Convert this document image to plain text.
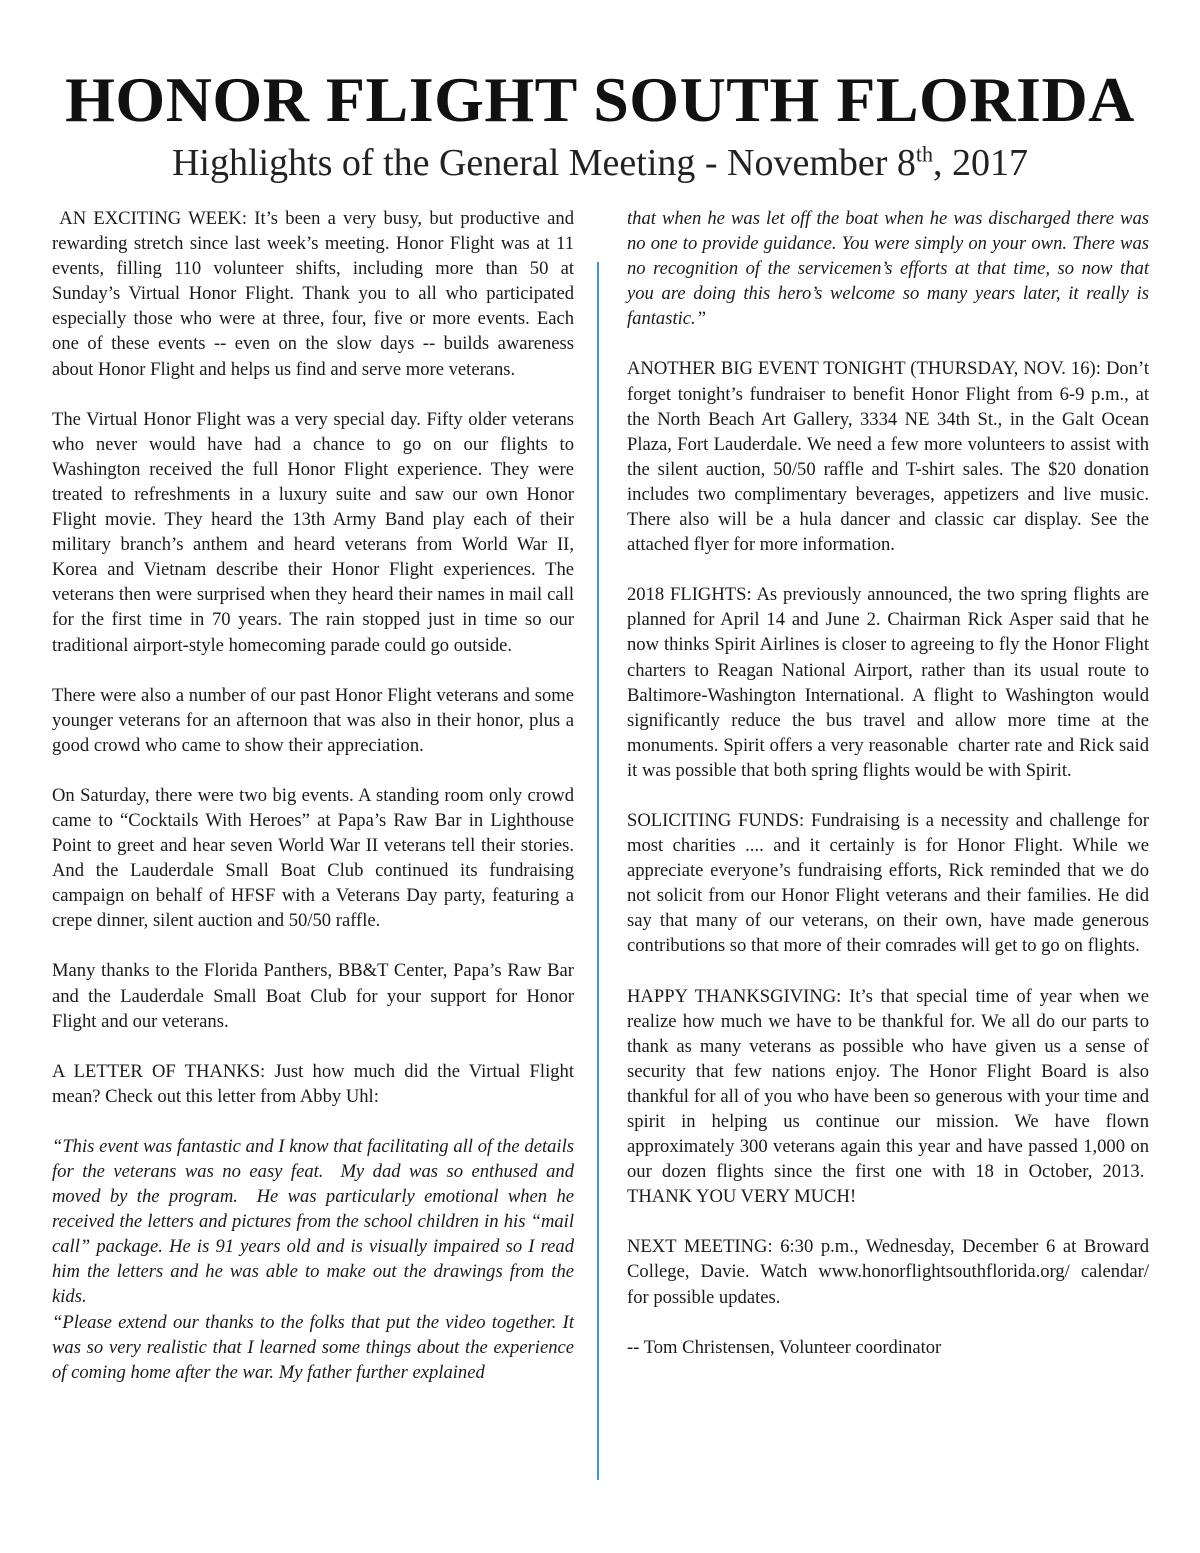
HONOR FLIGHT SOUTH FLORIDA
Highlights of the General Meeting - November 8th, 2017

AN EXCITING WEEK: It’s been a very busy, but productive and rewarding stretch since last week’s meeting. Honor Flight was at 11 events, filling 110 volunteer shifts, including more than 50 at Sunday’s Virtual Honor Flight. Thank you to all who participated especially those who were at three, four, five or more events. Each one of these events -- even on the slow days -- builds awareness about Honor Flight and helps us find and serve more veterans.

The Virtual Honor Flight was a very special day. Fifty older veterans who never would have had a chance to go on our flights to Washington received the full Honor Flight experience. They were treated to refreshments in a luxury suite and saw our own Honor Flight movie. They heard the 13th Army Band play each of their military branch’s anthem and heard veterans from World War II, Korea and Vietnam describe their Honor Flight experiences. The veterans then were surprised when they heard their names in mail call for the first time in 70 years. The rain stopped just in time so our traditional airport-style homecoming parade could go outside.

There were also a number of our past Honor Flight veterans and some younger veterans for an afternoon that was also in their honor, plus a good crowd who came to show their appreciation.

On Saturday, there were two big events. A standing room only crowd came to “Cocktails With Heroes” at Papa’s Raw Bar in Lighthouse Point to greet and hear seven World War II veterans tell their stories. And the Lauderdale Small Boat Club continued its fundraising campaign on behalf of HFSF with a Veterans Day party, featuring a crepe dinner, silent auction and 50/50 raffle.

Many thanks to the Florida Panthers, BB&T Center, Papa’s Raw Bar and the Lauderdale Small Boat Club for your support for Honor Flight and our veterans.

A LETTER OF THANKS: Just how much did the Virtual Flight mean? Check out this letter from Abby Uhl:

“This event was fantastic and I know that facilitating all of the details for the veterans was no easy feat.  My dad was so enthused and moved by the program.  He was particularly emotional when he received the letters and pictures from the school children in his “mail call” package. He is 91 years old and is visually impaired so I read him the letters and he was able to make out the drawings from the kids.

“Please extend our thanks to the folks that put the video together. It was so very realistic that I learned some things about the experience of coming home after the war. My father further explained

that when he was let off the boat when he was discharged there was no one to provide guidance. You were simply on your own. There was no recognition of the servicemen’s efforts at that time, so now that you are doing this hero’s welcome so many years later, it really is fantastic.”

ANOTHER BIG EVENT TONIGHT (THURSDAY, NOV. 16): Don’t forget tonight’s fundraiser to benefit Honor Flight from 6-9 p.m., at the North Beach Art Gallery, 3334 NE 34th St., in the Galt Ocean Plaza, Fort Lauderdale. We need a few more volunteers to assist with the silent auction, 50/50 raffle and T-shirt sales. The $20 donation includes two complimentary beverages, appetizers and live music. There also will be a hula dancer and classic car display. See the attached flyer for more information.

2018 FLIGHTS: As previously announced, the two spring flights are planned for April 14 and June 2. Chairman Rick Asper said that he now thinks Spirit Airlines is closer to agreeing to fly the Honor Flight charters to Reagan National Airport, rather than its usual route to Baltimore-Washington International. A flight to Washington would significantly reduce the bus travel and allow more time at the monuments. Spirit offers a very reasonable  charter rate and Rick said it was possible that both spring flights would be with Spirit.

SOLICITING FUNDS: Fundraising is a necessity and challenge for most charities .... and it certainly is for Honor Flight. While we appreciate everyone’s fundraising efforts, Rick reminded that we do not solicit from our Honor Flight veterans and their families. He did say that many of our veterans, on their own, have made generous contributions so that more of their comrades will get to go on flights.

HAPPY THANKSGIVING: It’s that special time of year when we realize how much we have to be thankful for. We all do our parts to thank as many veterans as possible who have given us a sense of security that few nations enjoy. The Honor Flight Board is also thankful for all of you who have been so generous with your time and spirit in helping us continue our mission. We have flown approximately 300 veterans again this year and have passed 1,000 on our dozen flights since the first one with 18 in October, 2013.  THANK YOU VERY MUCH!

NEXT MEETING: 6:30 p.m., Wednesday, December 6 at Broward College, Davie. Watch www.honorflightsouthflorida.org/ calendar/ for possible updates.

-- Tom Christensen, Volunteer coordinator
